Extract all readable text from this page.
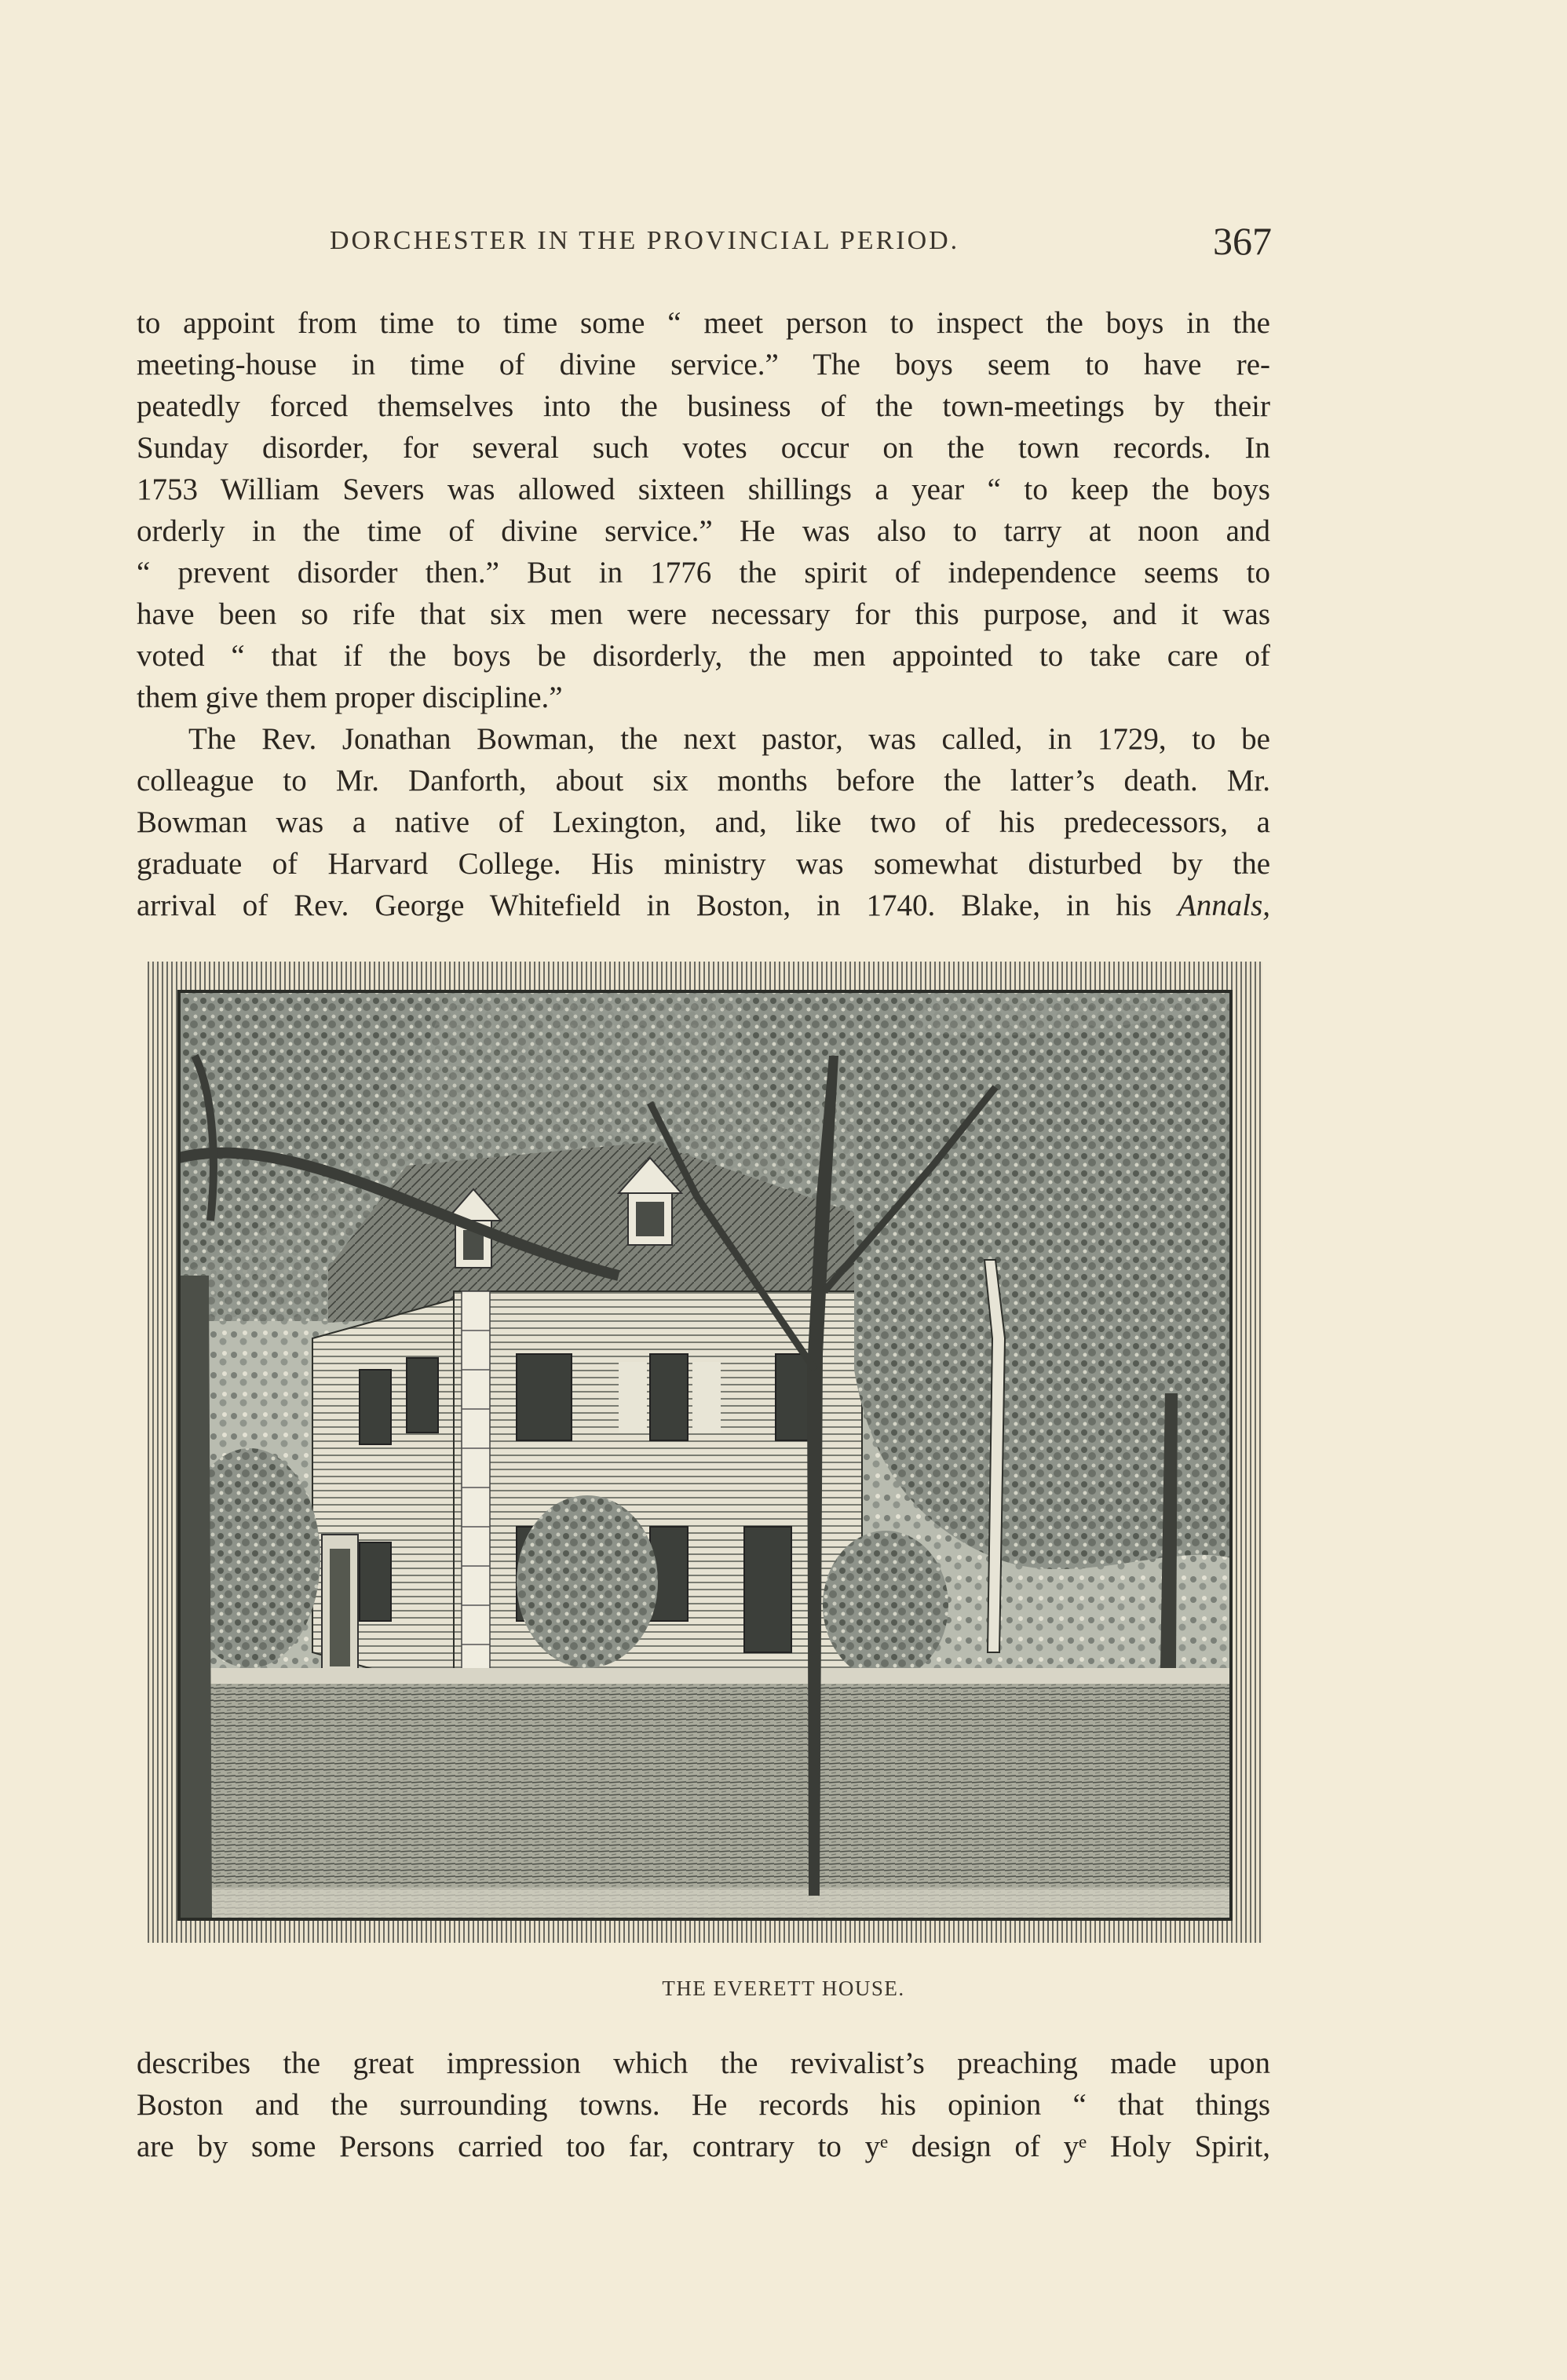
DORCHESTER IN THE PROVINCIAL PERIOD.	367

to appoint from time to time some “ meet person to inspect the boys in the
meeting-house in time of divine service.” The boys seem to have re-
peatedly forced themselves into the business of the town-meetings by their
Sunday disorder, for several such votes occur on the town records. In
1753 William Severs was allowed sixteen shillings a year “ to keep the boys
orderly in the time of divine service.” He was also to tarry at noon and
“ prevent disorder then.” But in 1776 the spirit of independence seems to
have been so rife that six men were necessary for this purpose, and it was
voted “ that if the boys be disorderly, the men appointed to take care of
them give them proper discipline.”

The Rev. Jonathan Bowman, the next pastor, was called, in 1729, to be
colleague to Mr. Danforth, about six months before the latter’s death. Mr.
Bowman was a native of Lexington, and, like two of his predecessors, a
graduate of Harvard College. His ministry was somewhat disturbed by the
arrival of Rev. George Whitefield in Boston, in 1740. Blake, in his Annals,

THE EVERETT HOUSE.

describes the great impression which the revivalist’s preaching made upon
Boston and the surrounding towns. He records his opinion “ that things
are by some Persons carried too far, contrary to yᵉ design of yᵉ Holy Spirit,
